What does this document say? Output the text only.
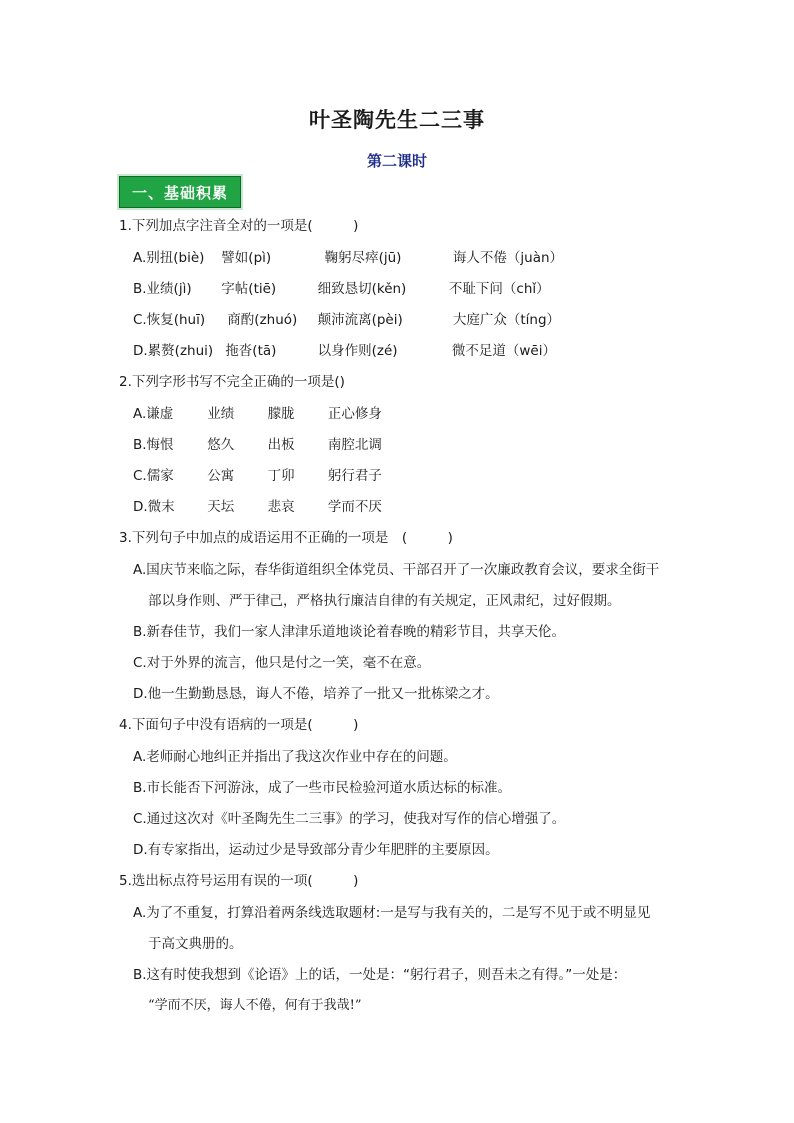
叶圣陶先生二三事
第二课时
一、基础积累
1.下列加点字注音全对的一项是(　　　)
A.别扭(biè) 譬如(pì)	鞠躬尽瘁(jū)	诲人不倦（juàn）
B.业绩(jì) 字帖(tiē)	细致恳切(kěn)	不耻下问（chǐ）
C.恢复(huī) 商酌(zhuó) 颠沛流离(pèi)	大庭广众（tíng）
D.累赘(zhui) 拖沓(tā)	以身作则(zé)	微不足道（wēi）
2.下列字形书写不完全正确的一项是()
A.谦虚	业绩 朦胧 正心修身
B.悔恨 悠久 出板 南腔北调
C.儒家 公寓 丁卯 躬行君子
D.微末 天坛 悲哀 学而不厌
3.下列句子中加点的成语运用不正确的一项是　(　　　)
A.国庆节来临之际，春华街道组织全体党员、干部召开了一次廉政教育会议，要求全街干
部以身作则、严于律己，严格执行廉洁自律的有关规定，正风肃纪，过好假期。
B.新春佳节，我们一家人津津乐道地谈论着春晚的精彩节目，共享天伦。
C.对于外界的流言，他只是付之一笑，毫不在意。
D.他一生勤勤恳恳，诲人不倦，培养了一批又一批栋梁之才。
4.下面句子中没有语病的一项是(　　　)
A.老师耐心地纠正并指出了我这次作业中存在的问题。
B.市长能否下河游泳，成了一些市民检验河道水质达标的标准。
C.通过这次对《叶圣陶先生二三事》的学习，使我对写作的信心增强了。
D.有专家指出，运动过少是导致部分青少年肥胖的主要原因。
5.选出标点符号运用有误的一项(　　　)
A.为了不重复，打算沿着两条线选取题材:一是写与我有关的，二是写不见于或不明显见
于高文典册的。
B.这有时使我想到《论语》上的话，一处是：“躬行君子，则吾未之有得。”一处是：
“学而不厌，诲人不倦，何有于我哉!”
